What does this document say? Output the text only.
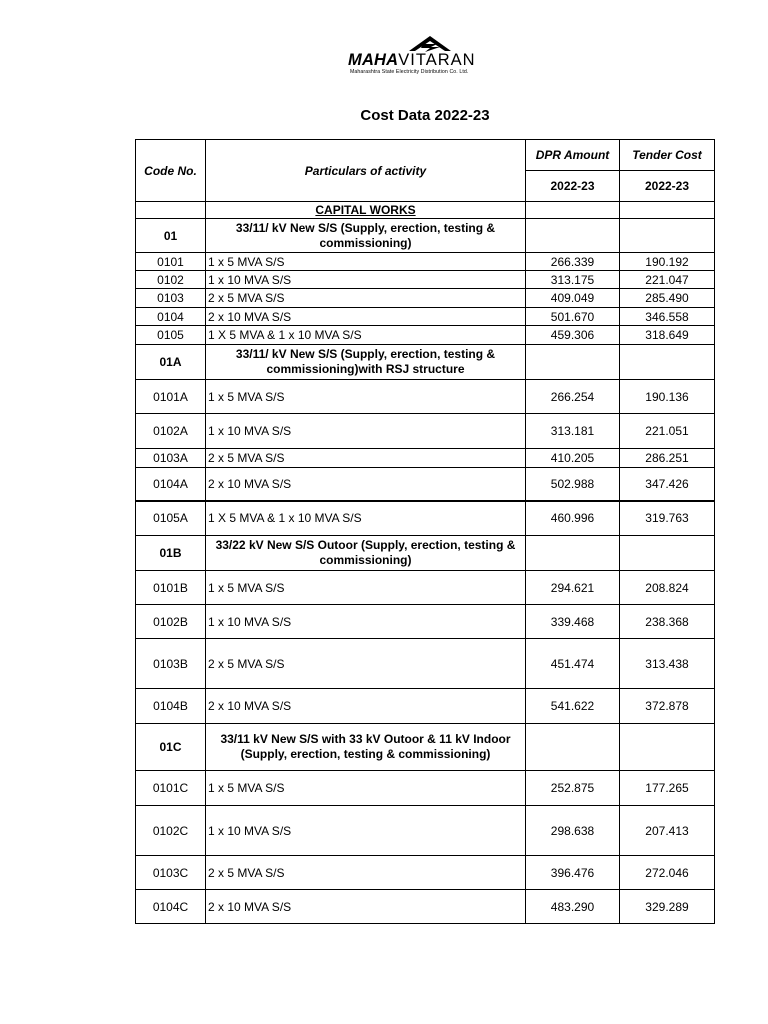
MAHAVITARAN
Maharashtra State Electricity Distribution Co. Ltd.
Cost Data 2022-23
Code No.	Particulars of activity	DPR Amount	Tender Cost
		2022-23	2022-23
	CAPITAL WORKS		
01	33/11/ kV New S/S (Supply, erection, testing & commissioning)		
0101	1 x 5 MVA S/S	266.339	190.192
0102	1 x 10 MVA S/S	313.175	221.047
0103	2 x 5 MVA S/S	409.049	285.490
0104	2 x 10 MVA S/S	501.670	346.558
0105	1 X 5 MVA & 1 x 10 MVA S/S	459.306	318.649
01A	33/11/ kV New S/S (Supply, erection, testing & commissioning)with RSJ structure		
0101A	1 x 5 MVA S/S	266.254	190.136
0102A	1 x 10 MVA S/S	313.181	221.051
0103A	2 x 5 MVA S/S	410.205	286.251
0104A	2 x 10 MVA S/S	502.988	347.426
0105A	1 X 5 MVA & 1 x 10 MVA S/S	460.996	319.763
01B	33/22 kV New S/S Outoor (Supply, erection, testing & commissioning)		
0101B	1 x 5 MVA S/S	294.621	208.824
0102B	1 x 10 MVA S/S	339.468	238.368
0103B	2 x 5 MVA S/S	451.474	313.438
0104B	2 x 10 MVA S/S	541.622	372.878
01C	33/11 kV New S/S with 33 kV Outoor & 11 kV Indoor (Supply, erection, testing & commissioning)		
0101C	1 x 5 MVA S/S	252.875	177.265
0102C	1 x 10 MVA S/S	298.638	207.413
0103C	2 x 5 MVA S/S	396.476	272.046
0104C	2 x 10 MVA S/S	483.290	329.289
